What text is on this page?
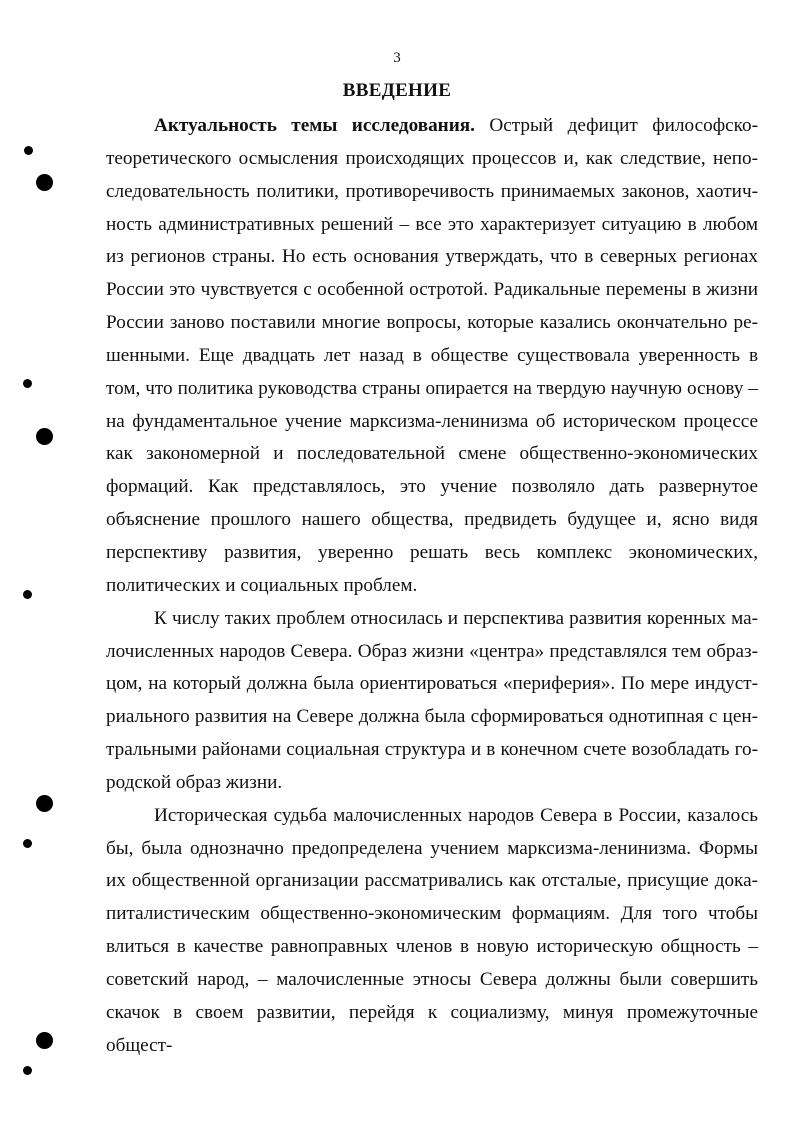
3
ВВЕДЕНИЕ

Актуальность темы исследования. Острый дефицит философско-теоретического осмысления происходящих процессов и, как следствие, непоследовательность политики, противоречивость принимаемых законов, хаотичность административных решений – все это характеризует ситуацию в любом из регионов страны. Но есть основания утверждать, что в северных регионах России это чувствуется с особенной остротой. Радикальные перемены в жизни России заново поставили многие вопросы, которые казались окончательно решенными. Еще двадцать лет назад в обществе существовала уверенность в том, что политика руководства страны опирается на твердую научную основу – на фундаментальное учение марксизма-ленинизма об историческом процессе как закономерной и последовательной смене общественно-экономических формаций. Как представлялось, это учение позволяло дать развернутое объяснение прошлого нашего общества, предвидеть будущее и, ясно видя перспективу развития, уверенно решать весь комплекс экономических, политических и социальных проблем.

К числу таких проблем относилась и перспектива развития коренных малочисленных народов Севера. Образ жизни «центра» представлялся тем образцом, на который должна была ориентироваться «периферия». По мере индустриального развития на Севере должна была сформироваться однотипная с центральными районами социальная структура и в конечном счете возобладать городской образ жизни.

Историческая судьба малочисленных народов Севера в России, казалось бы, была однозначно предопределена учением марксизма-ленинизма. Формы их общественной организации рассматривались как отсталые, присущие докапиталистическим общественно-экономическим формациям. Для того чтобы влиться в качестве равноправных членов в новую историческую общность – советский народ, – малочисленные этносы Севера должны были совершить скачок в своем развитии, перейдя к социализму, минуя промежуточные общест-
